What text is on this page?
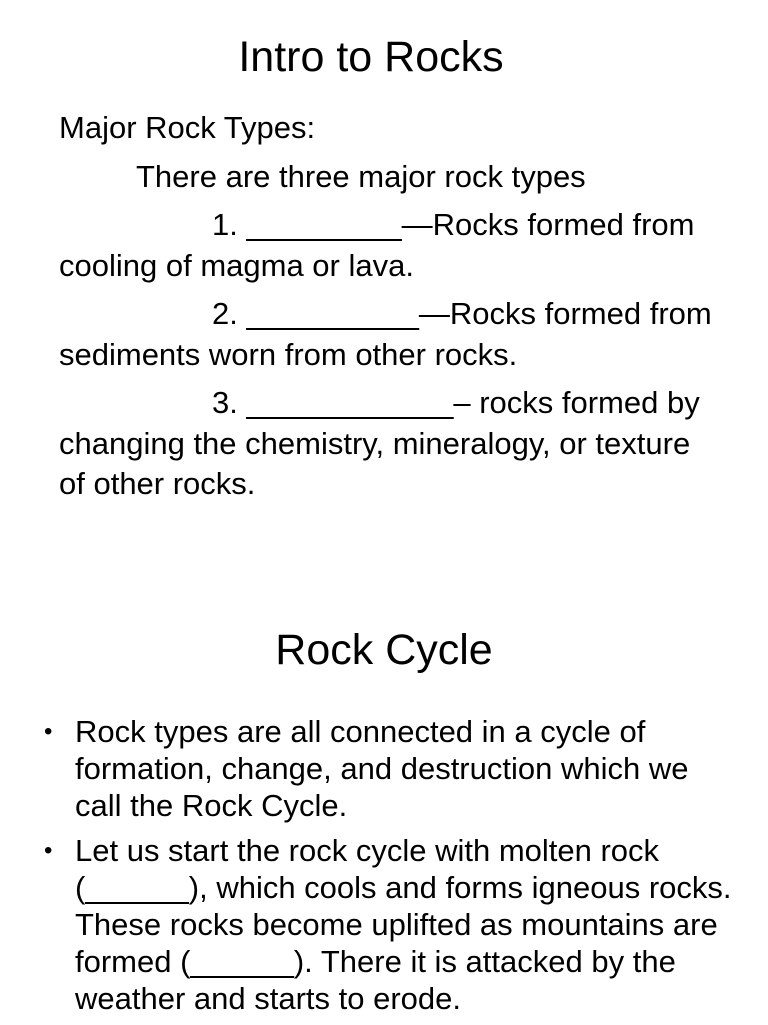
Intro to Rocks

Major Rock Types:

There are three major rock types

1. _________—Rocks formed from cooling of magma or lava.

2. __________—Rocks formed from sediments worn from other rocks.

3. ____________– rocks formed by changing the chemistry, mineralogy, or texture of other rocks.

Rock Cycle
• Rock types are all connected in a cycle of formation, change, and destruction which we call the Rock Cycle.
• Let us start the rock cycle with molten rock (______), which cools and forms igneous rocks. These rocks become uplifted as mountains are formed (______). There it is attacked by the weather and starts to erode.
